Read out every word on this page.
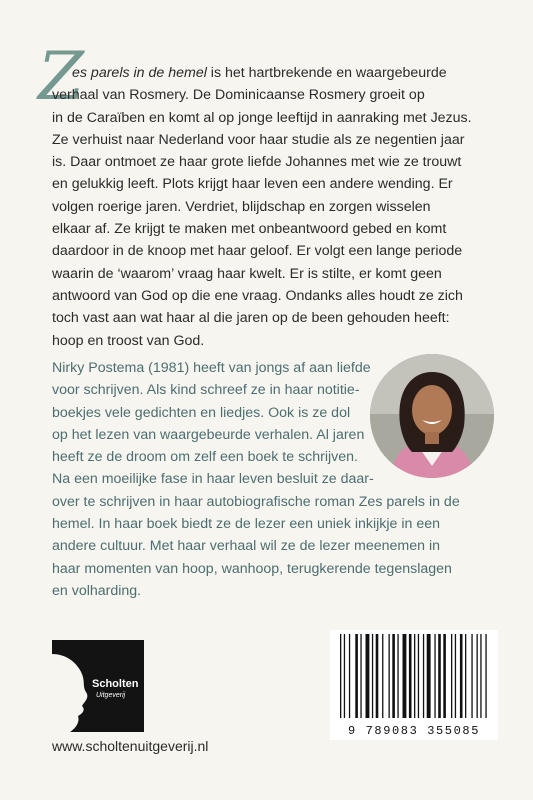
Z
es parels in de hemel is het hartbrekende en waargebeurde
verhaal van Rosmery. De Dominicaanse Rosmery groeit op
in de Caraïben en komt al op jonge leeftijd in aanraking met Jezus.
Ze verhuist naar Nederland voor haar studie als ze negentien jaar
is. Daar ontmoet ze haar grote liefde Johannes met wie ze trouwt
en gelukkig leeft. Plots krijgt haar leven een andere wending. Er
volgen roerige jaren. Verdriet, blijdschap en zorgen wisselen
elkaar af. Ze krijgt te maken met onbeantwoord gebed en komt
daardoor in de knoop met haar geloof. Er volgt een lange periode
waarin de ‘waarom’ vraag haar kwelt. Er is stilte, er komt geen
antwoord van God op die ene vraag. Ondanks alles houdt ze zich
toch vast aan wat haar al die jaren op de been gehouden heeft:
hoop en troost van God.
Nirky Postema (1981) heeft van jongs af aan liefde
voor schrijven. Als kind schreef ze in haar notitie-
boekjes vele gedichten en liedjes. Ook is ze dol
op het lezen van waargebeurde verhalen. Al jaren
heeft ze de droom om zelf een boek te schrijven.
Na een moeilijke fase in haar leven besluit ze daar-
over te schrijven in haar autobiografische roman Zes parels in de
hemel. In haar boek biedt ze de lezer een uniek inkijkje in een
andere cultuur. Met haar verhaal wil ze de lezer meenemen in
haar momenten van hoop, wanhoop, terugkerende tegenslagen
en volharding.
Scholten
Uitgeverij
www.scholtenuitgeverij.nl
9 789083 355085
